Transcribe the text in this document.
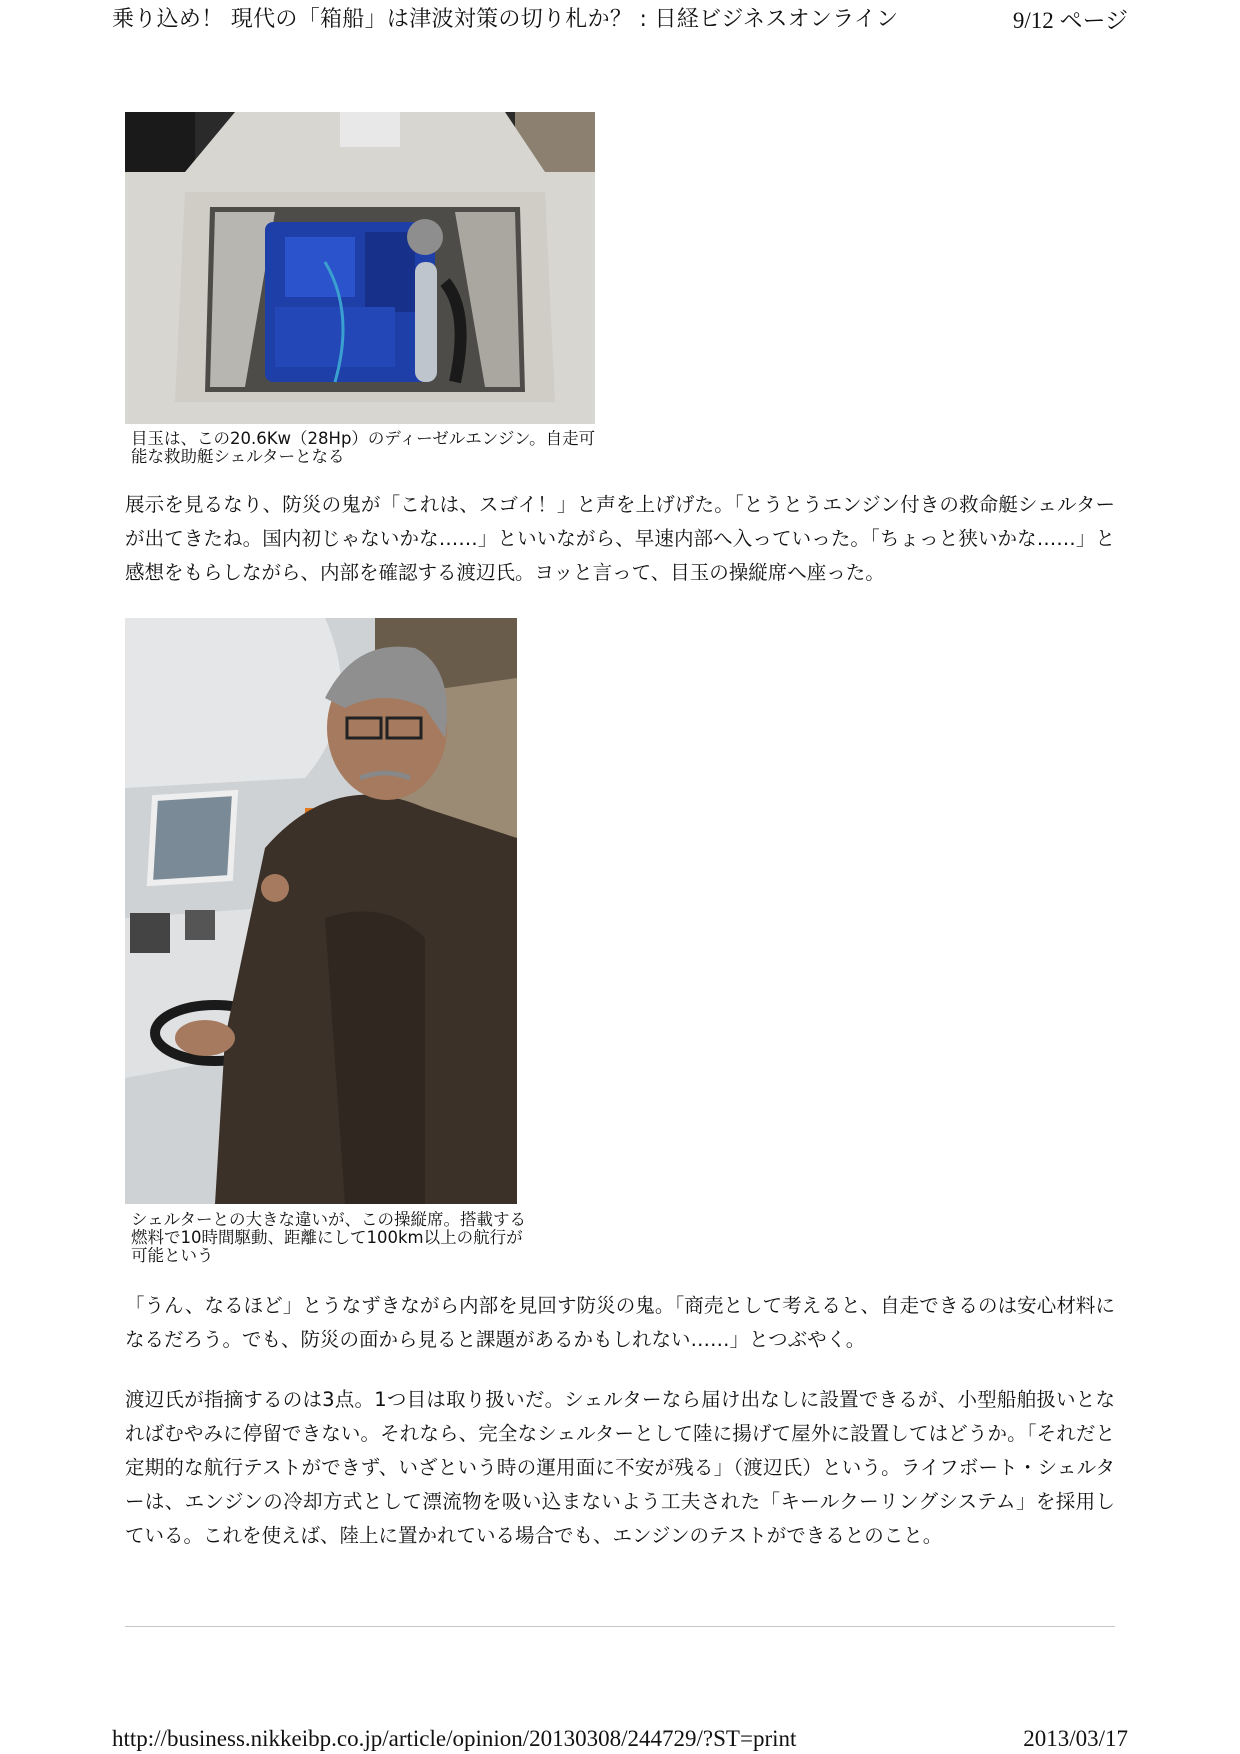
乗り込め！ 現代の「箱船」は津波対策の切り札か？ : 日経ビジネスオンライン	9/12 ページ
目玉は、この20.6Kw（28Hp）のディーゼルエンジン。自走可能な救助艇シェルターとなる

展示を見るなり、防災の鬼が「これは、スゴイ！」と声を上げげた。「とうとうエンジン付きの救命艇シェルターが出てきたね。国内初じゃないかな……」といいながら、早速内部へ入っていった。「ちょっと狭いかな……」と感想をもらしながら、内部を確認する渡辺氏。ヨッと言って、目玉の操縦席へ座った。

シェルターとの大きな違いが、この操縦席。搭載する燃料で10時間駆動、距離にして100km以上の航行が可能という

「うん、なるほど」とうなずきながら内部を見回す防災の鬼。「商売として考えると、自走できるのは安心材料になるだろう。でも、防災の面から見ると課題があるかもしれない……」とつぶやく。

渡辺氏が指摘するのは3点。1つ目は取り扱いだ。シェルターなら届け出なしに設置できるが、小型船舶扱いとなればむやみに停留できない。それなら、完全なシェルターとして陸に揚げて屋外に設置してはどうか。「それだと定期的な航行テストができず、いざという時の運用面に不安が残る」（渡辺氏）という。ライフボート・シェルターは、エンジンの冷却方式として漂流物を吸い込まないよう工夫された「キールクーリングシステム」を採用している。これを使えば、陸上に置かれている場合でも、エンジンのテストができるとのこと。

http://business.nikkeibp.co.jp/article/opinion/20130308/244729/?ST=print	2013/03/17
